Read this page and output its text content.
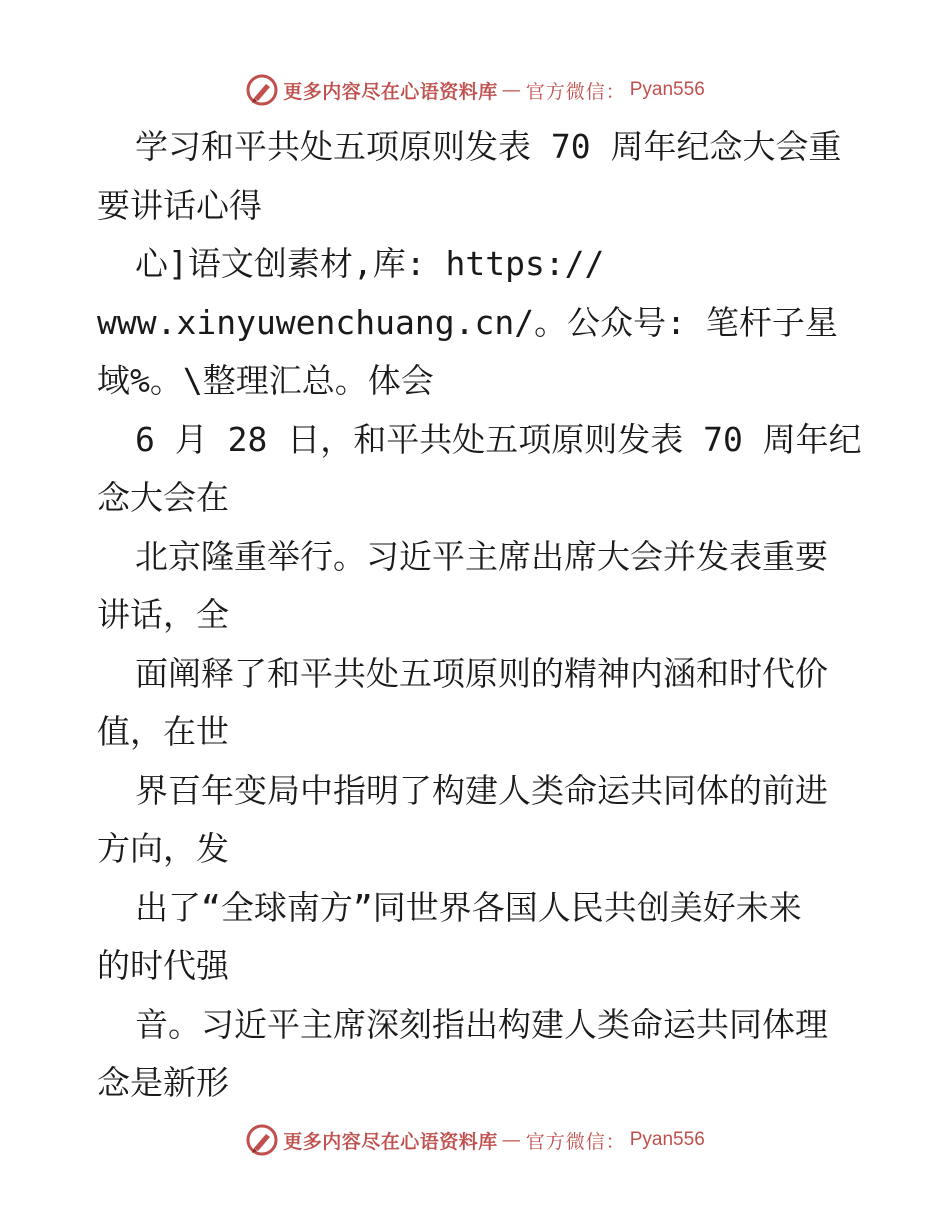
更多内容尽在心语资料库 — 官方微信： Pyan556
学习和平共处五项原则发表 70 周年纪念大会重
要讲话心得
心]语文创素材,库: https://
www.xinyuwenchuang.cn/。公众号: 笔杆子星
域%。\整理汇总。体会
6 月 28 日，和平共处五项原则发表 70 周年纪
念大会在
北京隆重举行。习近平主席出席大会并发表重要
讲话，全
面阐释了和平共处五项原则的精神内涵和时代价
值，在世
界百年变局中指明了构建人类命运共同体的前进
方向，发
出了“全球南方”同世界各国人民共创美好未来
的时代强
音。习近平主席深刻指出构建人类命运共同体理
念是新形
更多内容尽在心语资料库 — 官方微信： Pyan556
